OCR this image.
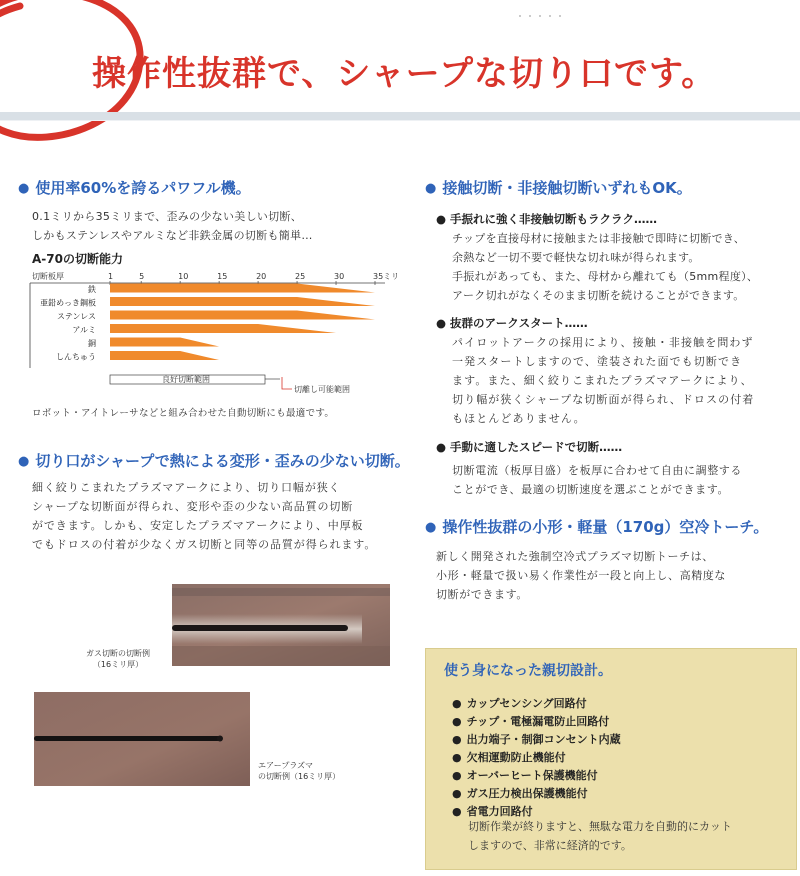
操作性抜群で、シャープな切り口です。
● 使用率60%を誇るパワフル機。
0.1ミリから35ミリまで、歪みの少ない美しい切断、
しかもステンレスやアルミなど非鉄金属の切断も簡単…
A-70の切断能力
切断板厚	1	5	10	15	20	25	30	35ミリ
鉄
亜鉛めっき鋼板
ステンレス
アルミ
銅
しんちゅう
良好切断範囲
切離し可能範囲
ロボット・アイトレーサなどと組み合わせた自動切断にも最適です。
● 切り口がシャープで熱による変形・歪みの少ない切断。
細く絞りこまれたプラズマアークにより、切り口幅が狭く
シャープな切断面が得られ、変形や歪の少ない高品質の切断
ができます。しかも、安定したプラズマアークにより、中厚板
でもドロスの付着が少なくガス切断と同等の品質が得られます。
ガス切断の切断例
（16ミリ厚）
エアープラズマ
の切断例（16ミリ厚）
● 接触切断・非接触切断いずれもOK。
● 手振れに強く非接触切断もラクラク……
チップを直接母材に接触または非接触で即時に切断でき、
余熱など一切不要で軽快な切れ味が得られます。
手振れがあっても、また、母材から離れても（5mm程度）、
アーク切れがなくそのまま切断を続けることができます。
● 抜群のアークスタート……
パイロットアークの採用により、接触・非接触を問わず
一発スタートしますので、塗装された面でも切断でき
ます。また、細く絞りこまれたプラズマアークにより、
切り幅が狭くシャープな切断面が得られ、ドロスの付着
もほとんどありません。
● 手動に適したスピードで切断……
切断電流（板厚目盛）を板厚に合わせて自由に調整する
ことができ、最適の切断速度を選ぶことができます。
● 操作性抜群の小形・軽量（170g）空冷トーチ。
新しく開発された強制空冷式プラズマ切断トーチは、
小形・軽量で扱い易く作業性が一段と向上し、高精度な
切断ができます。
使う身になった親切設計。
● カップセンシング回路付
● チップ・電極漏電防止回路付
● 出力端子・制御コンセント内蔵
● 欠相運動防止機能付
● オーバーヒート保護機能付
● ガス圧力検出保護機能付
● 省電力回路付
切断作業が終りますと、無駄な電力を自動的にカット
しますので、非常に経済的です。
